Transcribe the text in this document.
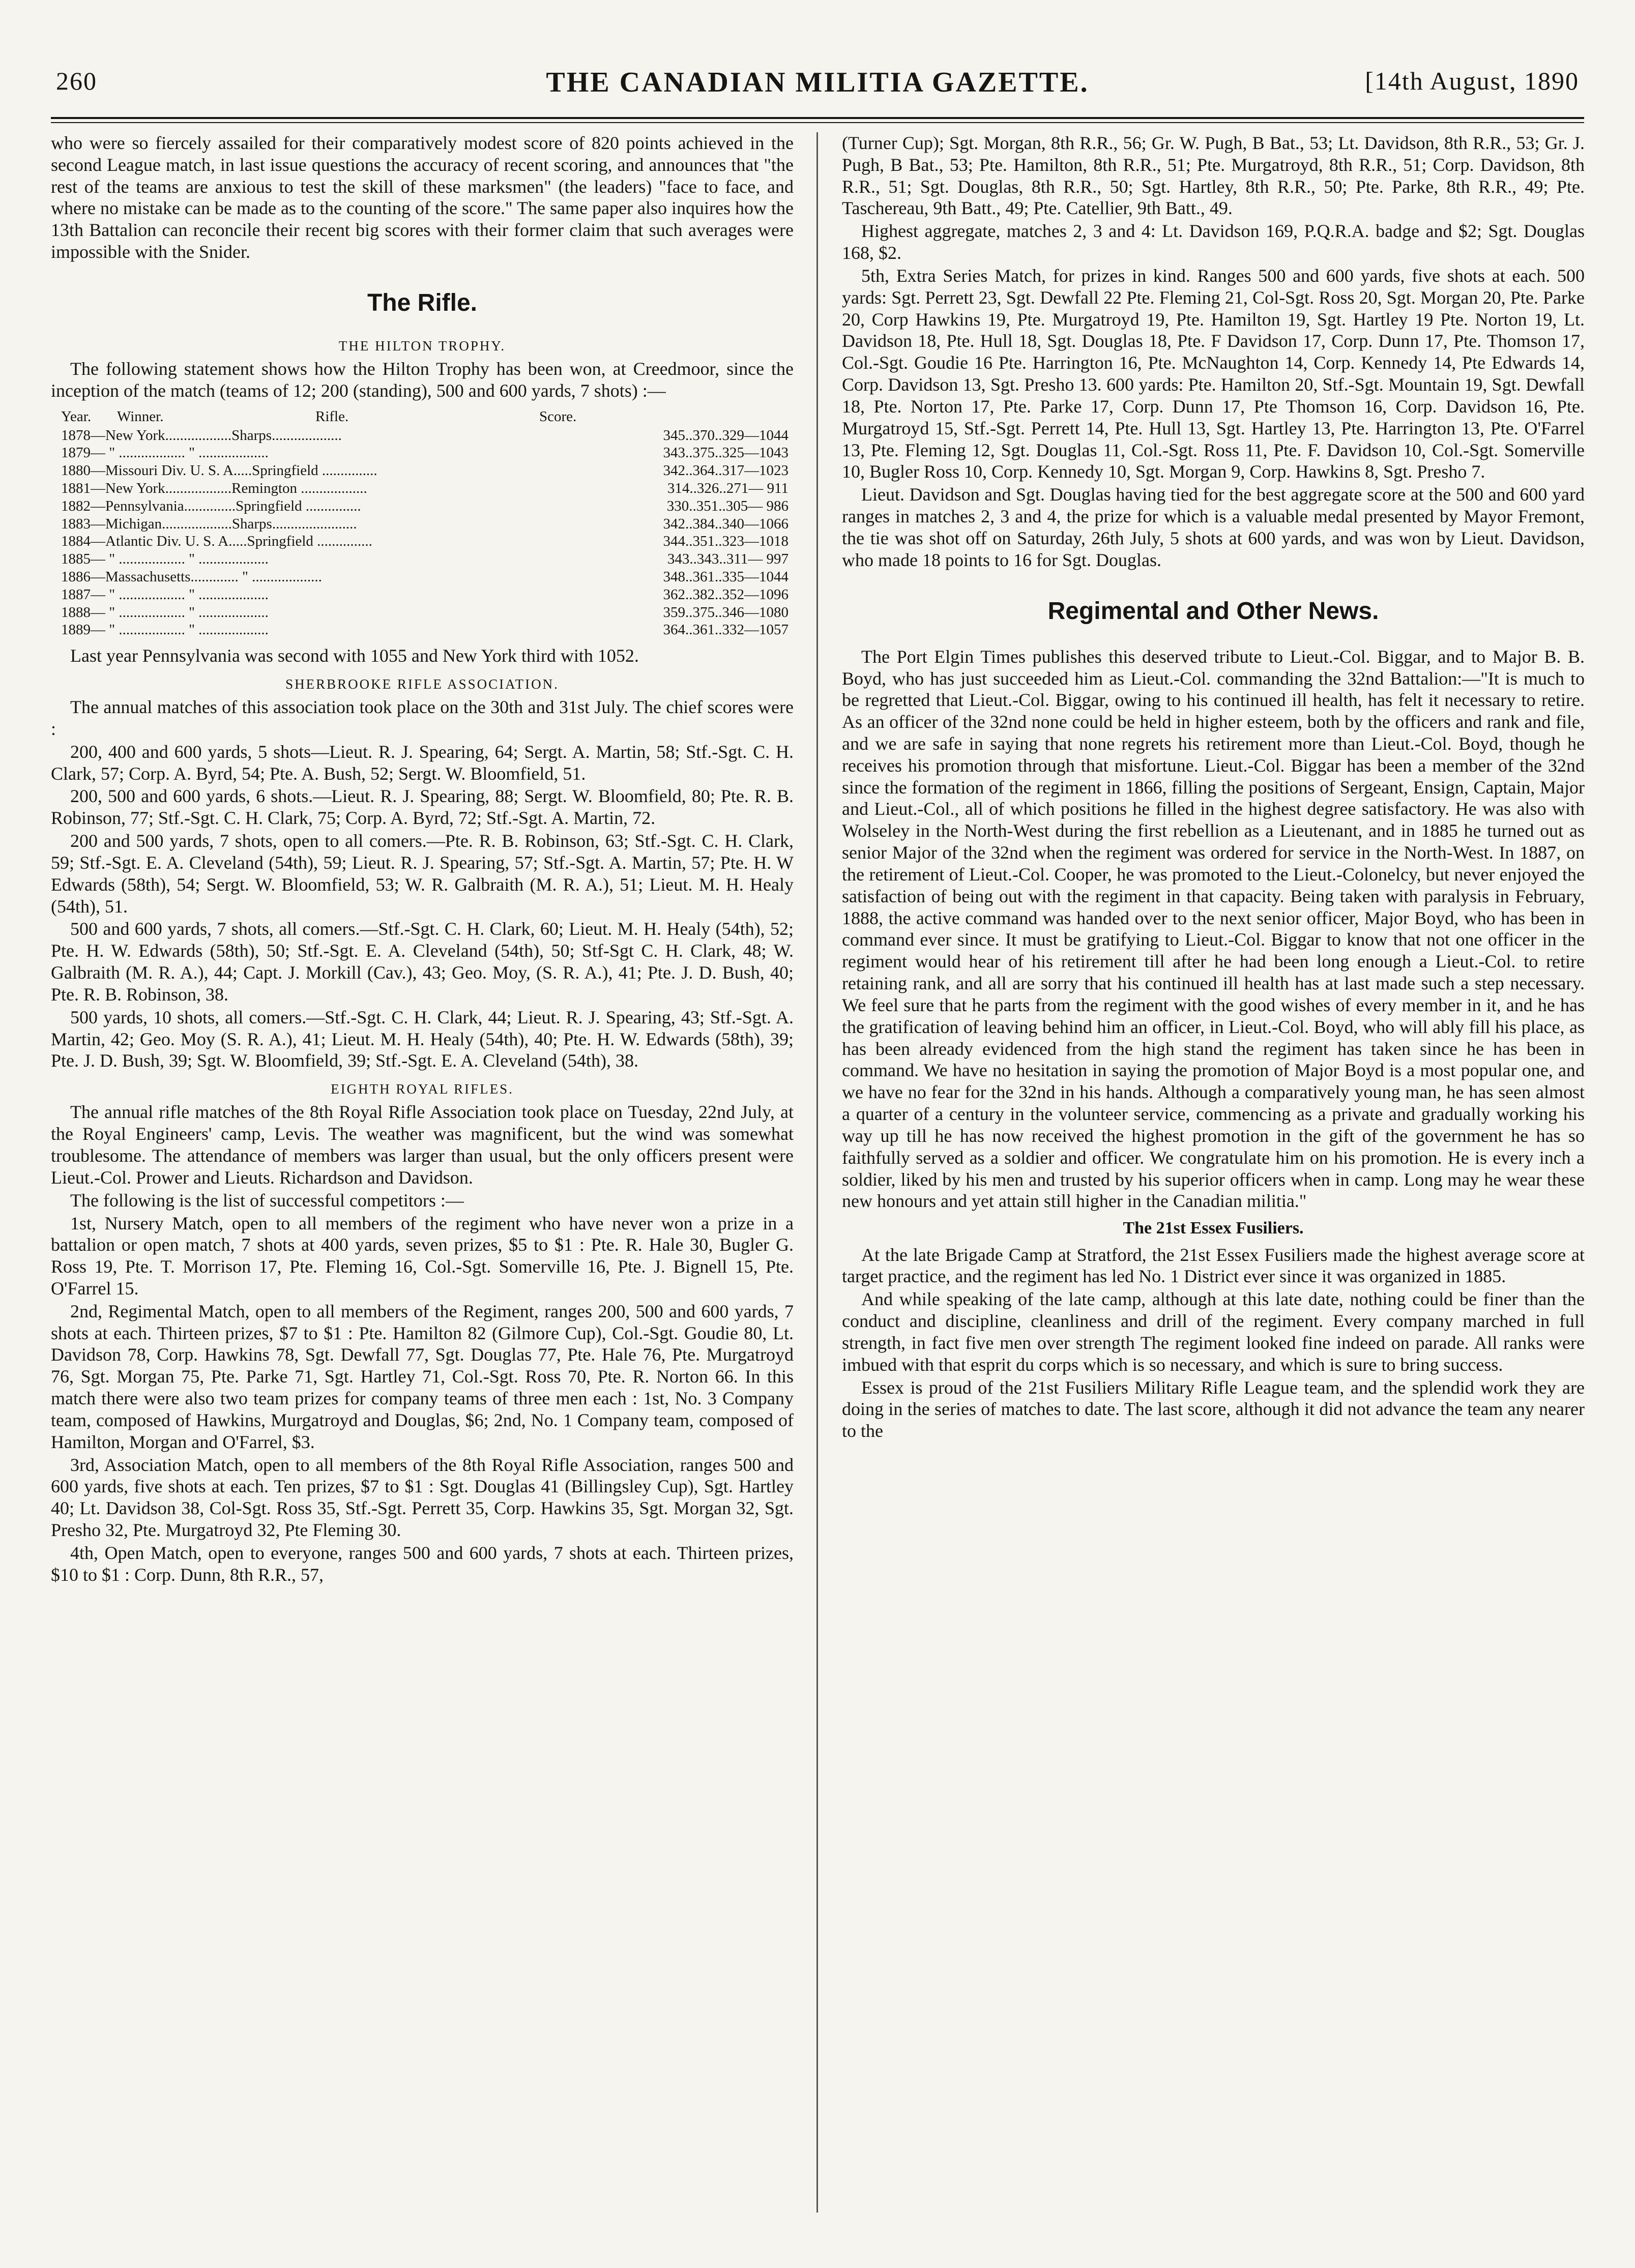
260	THE CANADIAN MILITIA GAZETTE.	[14th August, 1890

who were so fiercely assailed for their comparatively modest score of 820 points achieved in the second League match, in last issue questions the accuracy of recent scoring, and announces that "the rest of the teams are anxious to test the skill of these marksmen" (the leaders) "face to face, and where no mistake can be made as to the counting of the score." The same paper also inquires how the 13th Battalion can reconcile their recent big scores with their former claim that such averages were impossible with the Snider.

The Rifle.
THE HILTON TROPHY.

The following statement shows how the Hilton Trophy has been won, at Creedmoor, since the inception of the match (teams of 12; 200 (standing), 500 and 600 yards, 7 shots) :—

Year.	Winner.	Rifle.	Score.
1878—New York..................Sharps...................	345..370..329—1044
1879— " .................. " ...................	343..375..325—1043
1880—Missouri Div. U. S. A.....Springfield ...............	342..364..317—1023
1881—New York..................Remington ..................	314..326..271— 911
1882—Pennsylvania..............Springfield ...............	330..351..305— 986
1883—Michigan...................Sharps.......................	342..384..340—1066
1884—Atlantic Div. U. S. A.....Springfield ...............	344..351..323—1018
1885— " .................. " ...................	343..343..311— 997
1886—Massachusetts............. " ...................	348..361..335—1044
1887— " .................. " ...................	362..382..352—1096
1888— " .................. " ...................	359..375..346—1080
1889— " .................. " ...................	364..361..332—1057

Last year Pennsylvania was second with 1055 and New York third with 1052.

SHERBROOKE RIFLE ASSOCIATION.

The annual matches of this association took place on the 30th and 31st July. The chief scores were :

200, 400 and 600 yards, 5 shots—Lieut. R. J. Spearing, 64; Sergt. A. Martin, 58; Stf.-Sgt. C. H. Clark, 57; Corp. A. Byrd, 54; Pte. A. Bush, 52; Sergt. W. Bloomfield, 51.

200, 500 and 600 yards, 6 shots.—Lieut. R. J. Spearing, 88; Sergt. W. Bloomfield, 80; Pte. R. B. Robinson, 77; Stf.-Sgt. C. H. Clark, 75; Corp. A. Byrd, 72; Stf.-Sgt. A. Martin, 72.

200 and 500 yards, 7 shots, open to all comers.—Pte. R. B. Robinson, 63; Stf.-Sgt. C. H. Clark, 59; Stf.-Sgt. E. A. Cleveland (54th), 59; Lieut. R. J. Spearing, 57; Stf.-Sgt. A. Martin, 57; Pte. H. W Edwards (58th), 54; Sergt. W. Bloomfield, 53; W. R. Galbraith (M. R. A.), 51; Lieut. M. H. Healy (54th), 51.

500 and 600 yards, 7 shots, all comers.—Stf.-Sgt. C. H. Clark, 60; Lieut. M. H. Healy (54th), 52; Pte. H. W. Edwards (58th), 50; Stf.-Sgt. E. A. Cleveland (54th), 50; Stf-Sgt C. H. Clark, 48; W. Galbraith (M. R. A.), 44; Capt. J. Morkill (Cav.), 43; Geo. Moy, (S. R. A.), 41; Pte. J. D. Bush, 40; Pte. R. B. Robinson, 38.

500 yards, 10 shots, all comers.—Stf.-Sgt. C. H. Clark, 44; Lieut. R. J. Spearing, 43; Stf.-Sgt. A. Martin, 42; Geo. Moy (S. R. A.), 41; Lieut. M. H. Healy (54th), 40; Pte. H. W. Edwards (58th), 39; Pte. J. D. Bush, 39; Sgt. W. Bloomfield, 39; Stf.-Sgt. E. A. Cleveland (54th), 38.

EIGHTH ROYAL RIFLES.

The annual rifle matches of the 8th Royal Rifle Association took place on Tuesday, 22nd July, at the Royal Engineers' camp, Levis. The weather was magnificent, but the wind was somewhat troublesome. The attendance of members was larger than usual, but the only officers present were Lieut.-Col. Prower and Lieuts. Richardson and Davidson.

The following is the list of successful competitors :—

1st, Nursery Match, open to all members of the regiment who have never won a prize in a battalion or open match, 7 shots at 400 yards, seven prizes, $5 to $1 : Pte. R. Hale 30, Bugler G. Ross 19, Pte. T. Morrison 17, Pte. Fleming 16, Col.-Sgt. Somerville 16, Pte. J. Bignell 15, Pte. O'Farrel 15.

2nd, Regimental Match, open to all members of the Regiment, ranges 200, 500 and 600 yards, 7 shots at each. Thirteen prizes, $7 to $1 : Pte. Hamilton 82 (Gilmore Cup), Col.-Sgt. Goudie 80, Lt. Davidson 78, Corp. Hawkins 78, Sgt. Dewfall 77, Sgt. Douglas 77, Pte. Hale 76, Pte. Murgatroyd 76, Sgt. Morgan 75, Pte. Parke 71, Sgt. Hartley 71, Col.-Sgt. Ross 70, Pte. R. Norton 66. In this match there were also two team prizes for company teams of three men each : 1st, No. 3 Company team, composed of Hawkins, Murgatroyd and Douglas, $6; 2nd, No. 1 Company team, composed of Hamilton, Morgan and O'Farrel, $3.

3rd, Association Match, open to all members of the 8th Royal Rifle Association, ranges 500 and 600 yards, five shots at each. Ten prizes, $7 to $1 : Sgt. Douglas 41 (Billingsley Cup), Sgt. Hartley 40; Lt. Davidson 38, Col-Sgt. Ross 35, Stf.-Sgt. Perrett 35, Corp. Hawkins 35, Sgt. Morgan 32, Sgt. Presho 32, Pte. Murgatroyd 32, Pte Fleming 30.

4th, Open Match, open to everyone, ranges 500 and 600 yards, 7 shots at each. Thirteen prizes, $10 to $1 : Corp. Dunn, 8th R.R., 57,

(Turner Cup); Sgt. Morgan, 8th R.R., 56; Gr. W. Pugh, B Bat., 53; Lt. Davidson, 8th R.R., 53; Gr. J. Pugh, B Bat., 53; Pte. Hamilton, 8th R.R., 51; Pte. Murgatroyd, 8th R.R., 51; Corp. Davidson, 8th R.R., 51; Sgt. Douglas, 8th R.R., 50; Sgt. Hartley, 8th R.R., 50; Pte. Parke, 8th R.R., 49; Pte. Taschereau, 9th Batt., 49; Pte. Catellier, 9th Batt., 49.

Highest aggregate, matches 2, 3 and 4: Lt. Davidson 169, P.Q.R.A. badge and $2; Sgt. Douglas 168, $2.

5th, Extra Series Match, for prizes in kind. Ranges 500 and 600 yards, five shots at each. 500 yards: Sgt. Perrett 23, Sgt. Dewfall 22 Pte. Fleming 21, Col-Sgt. Ross 20, Sgt. Morgan 20, Pte. Parke 20, Corp Hawkins 19, Pte. Murgatroyd 19, Pte. Hamilton 19, Sgt. Hartley 19 Pte. Norton 19, Lt. Davidson 18, Pte. Hull 18, Sgt. Douglas 18, Pte. F Davidson 17, Corp. Dunn 17, Pte. Thomson 17, Col.-Sgt. Goudie 16 Pte. Harrington 16, Pte. McNaughton 14, Corp. Kennedy 14, Pte Edwards 14, Corp. Davidson 13, Sgt. Presho 13. 600 yards: Pte. Hamilton 20, Stf.-Sgt. Mountain 19, Sgt. Dewfall 18, Pte. Norton 17, Pte. Parke 17, Corp. Dunn 17, Pte Thomson 16, Corp. Davidson 16, Pte. Murgatroyd 15, Stf.-Sgt. Perrett 14, Pte. Hull 13, Sgt. Hartley 13, Pte. Harrington 13, Pte. O'Farrel 13, Pte. Fleming 12, Sgt. Douglas 11, Col.-Sgt. Ross 11, Pte. F. Davidson 10, Col.-Sgt. Somerville 10, Bugler Ross 10, Corp. Kennedy 10, Sgt. Morgan 9, Corp. Hawkins 8, Sgt. Presho 7.

Lieut. Davidson and Sgt. Douglas having tied for the best aggregate score at the 500 and 600 yard ranges in matches 2, 3 and 4, the prize for which is a valuable medal presented by Mayor Fremont, the tie was shot off on Saturday, 26th July, 5 shots at 600 yards, and was won by Lieut. Davidson, who made 18 points to 16 for Sgt. Douglas.

Regimental and Other News.

The Port Elgin Times publishes this deserved tribute to Lieut.-Col. Biggar, and to Major B. B. Boyd, who has just succeeded him as Lieut.-Col. commanding the 32nd Battalion:—"It is much to be regretted that Lieut.-Col. Biggar, owing to his continued ill health, has felt it necessary to retire. As an officer of the 32nd none could be held in higher esteem, both by the officers and rank and file, and we are safe in saying that none regrets his retirement more than Lieut.-Col. Boyd, though he receives his promotion through that misfortune. Lieut.-Col. Biggar has been a member of the 32nd since the formation of the regiment in 1866, filling the positions of Sergeant, Ensign, Captain, Major and Lieut.-Col., all of which positions he filled in the highest degree satisfactory. He was also with Wolseley in the North-West during the first rebellion as a Lieutenant, and in 1885 he turned out as senior Major of the 32nd when the regiment was ordered for service in the North-West. In 1887, on the retirement of Lieut.-Col. Cooper, he was promoted to the Lieut.-Colonelcy, but never enjoyed the satisfaction of being out with the regiment in that capacity. Being taken with paralysis in February, 1888, the active command was handed over to the next senior officer, Major Boyd, who has been in command ever since. It must be gratifying to Lieut.-Col. Biggar to know that not one officer in the regiment would hear of his retirement till after he had been long enough a Lieut.-Col. to retire retaining rank, and all are sorry that his continued ill health has at last made such a step necessary. We feel sure that he parts from the regiment with the good wishes of every member in it, and he has the gratification of leaving behind him an officer, in Lieut.-Col. Boyd, who will ably fill his place, as has been already evidenced from the high stand the regiment has taken since he has been in command. We have no hesitation in saying the promotion of Major Boyd is a most popular one, and we have no fear for the 32nd in his hands. Although a comparatively young man, he has seen almost a quarter of a century in the volunteer service, commencing as a private and gradually working his way up till he has now received the highest promotion in the gift of the government he has so faithfully served as a soldier and officer. We congratulate him on his promotion. He is every inch a soldier, liked by his men and trusted by his superior officers when in camp. Long may he wear these new honours and yet attain still higher in the Canadian militia."

The 21st Essex Fusiliers.

At the late Brigade Camp at Stratford, the 21st Essex Fusiliers made the highest average score at target practice, and the regiment has led No. 1 District ever since it was organized in 1885.

And while speaking of the late camp, although at this late date, nothing could be finer than the conduct and discipline, cleanliness and drill of the regiment. Every company marched in full strength, in fact five men over strength The regiment looked fine indeed on parade. All ranks were imbued with that esprit du corps which is so necessary, and which is sure to bring success.

Essex is proud of the 21st Fusiliers Military Rifle League team, and the splendid work they are doing in the series of matches to date. The last score, although it did not advance the team any nearer to the
